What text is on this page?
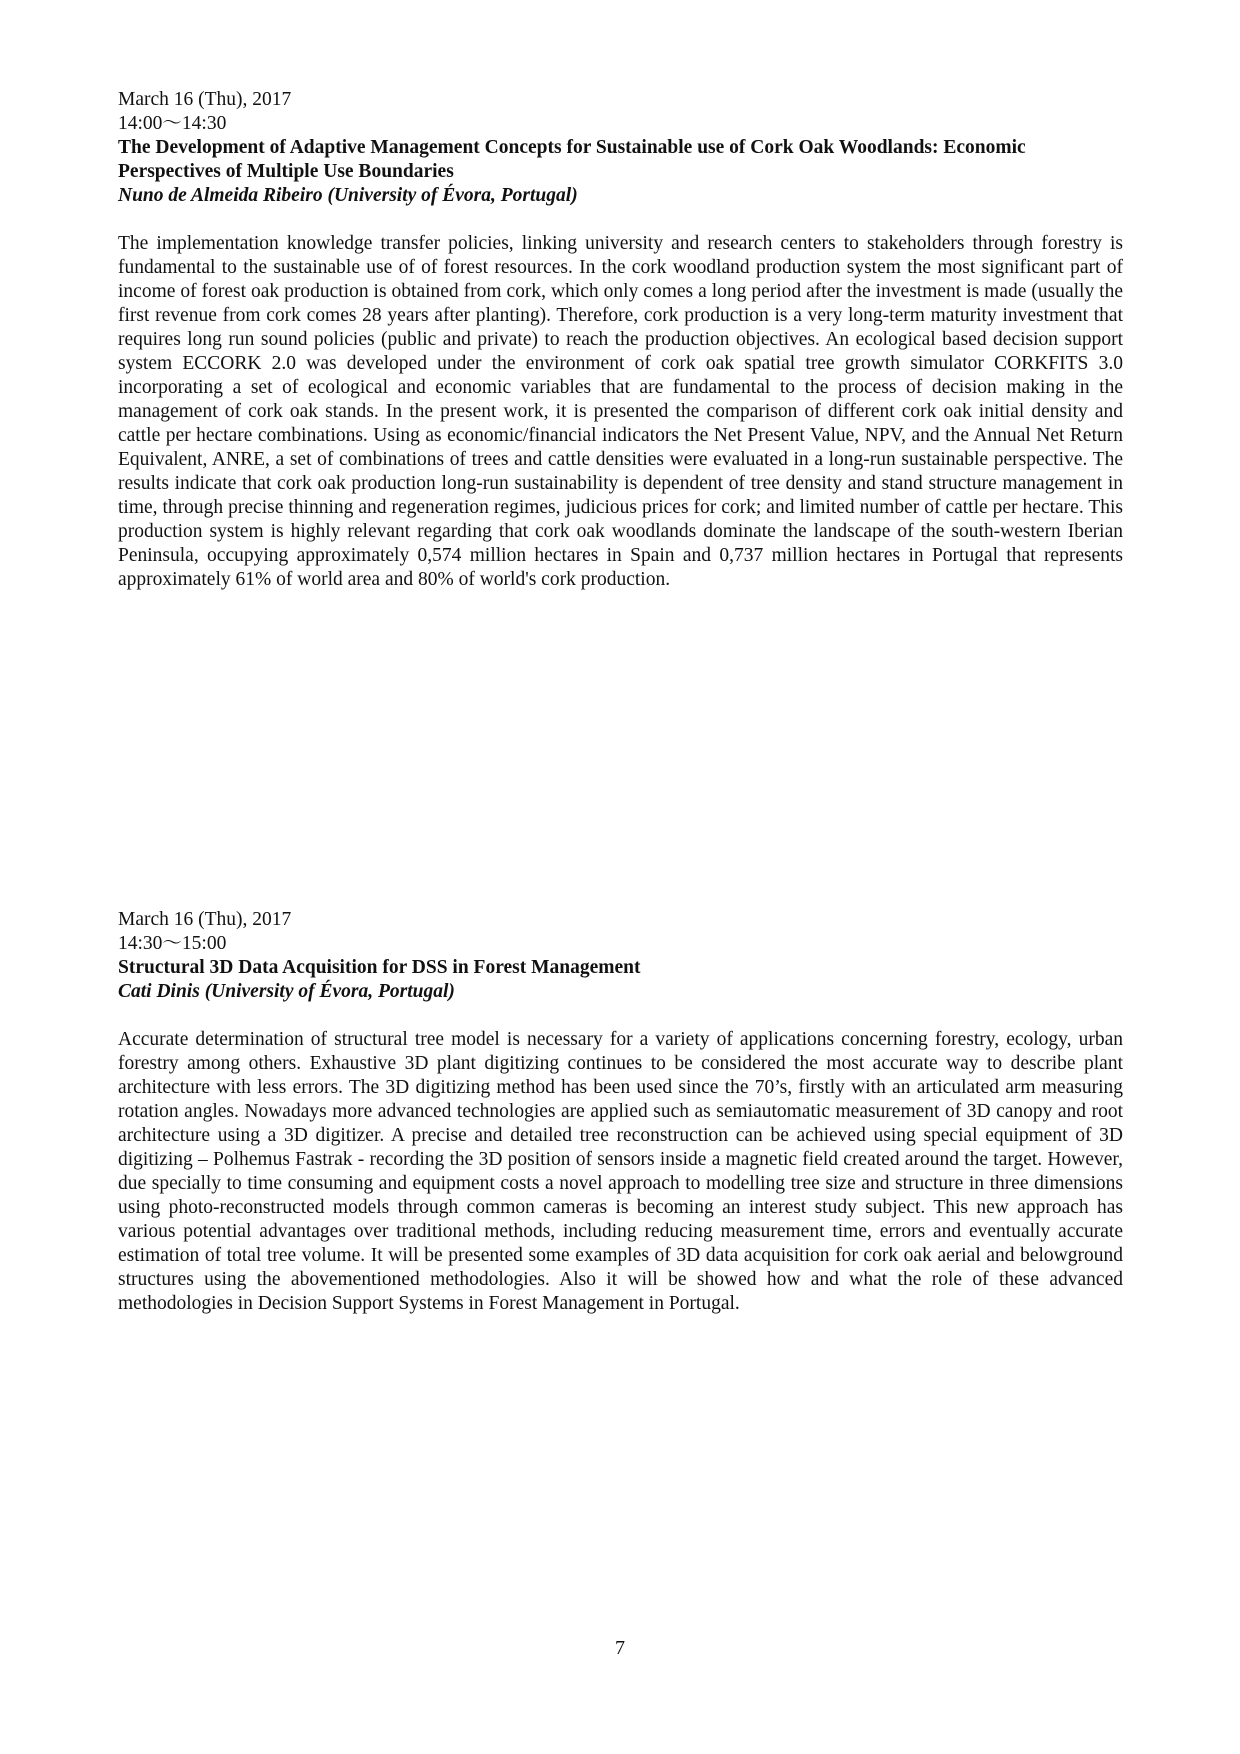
March 16 (Thu), 2017

14:00～14:30

The Development of Adaptive Management Concepts for Sustainable use of Cork Oak Woodlands: Economic Perspectives of Multiple Use Boundaries

Nuno de Almeida Ribeiro (University of Évora, Portugal)

The implementation knowledge transfer policies, linking university and research centers to stakeholders through forestry is fundamental to the sustainable use of of forest resources. In the cork woodland production system the most significant part of income of forest oak production is obtained from cork, which only comes a long period after the investment is made (usually the first revenue from cork comes 28 years after planting). Therefore, cork production is a very long-term maturity investment that requires long run sound policies (public and private) to reach the production objectives. An ecological based decision support system ECCORK 2.0 was developed under the environment of cork oak spatial tree growth simulator CORKFITS 3.0 incorporating a set of ecological and economic variables that are fundamental to the process of decision making in the management of cork oak stands. In the present work, it is presented the comparison of different cork oak initial density and cattle per hectare combinations. Using as economic/financial indicators the Net Present Value, NPV, and the Annual Net Return Equivalent, ANRE, a set of combinations of trees and cattle densities were evaluated in a long-run sustainable perspective. The results indicate that cork oak production long-run sustainability is dependent of tree density and stand structure management in time, through precise thinning and regeneration regimes, judicious prices for cork; and limited number of cattle per hectare. This production system is highly relevant regarding that cork oak woodlands dominate the landscape of the south-western Iberian Peninsula, occupying approximately 0,574 million hectares in Spain and 0,737 million hectares in Portugal that represents approximately 61% of world area and 80% of world's cork production.

March 16 (Thu), 2017

14:30～15:00

Structural 3D Data Acquisition for DSS in Forest Management

Cati Dinis (University of Évora, Portugal)

Accurate determination of structural tree model is necessary for a variety of applications concerning forestry, ecology, urban forestry among others. Exhaustive 3D plant digitizing continues to be considered the most accurate way to describe plant architecture with less errors. The 3D digitizing method has been used since the 70’s, firstly with an articulated arm measuring rotation angles. Nowadays more advanced technologies are applied such as semiautomatic measurement of 3D canopy and root architecture using a 3D digitizer. A precise and detailed tree reconstruction can be achieved using special equipment of 3D digitizing – Polhemus Fastrak - recording the 3D position of sensors inside a magnetic field created around the target. However, due specially to time consuming and equipment costs a novel approach to modelling tree size and structure in three dimensions using photo-reconstructed models through common cameras is becoming an interest study subject. This new approach has various potential advantages over traditional methods, including reducing measurement time, errors and eventually accurate estimation of total tree volume. It will be presented some examples of 3D data acquisition for cork oak aerial and belowground structures using the abovementioned methodologies. Also it will be showed how and what the role of these advanced methodologies in Decision Support Systems in Forest Management in Portugal.

7
